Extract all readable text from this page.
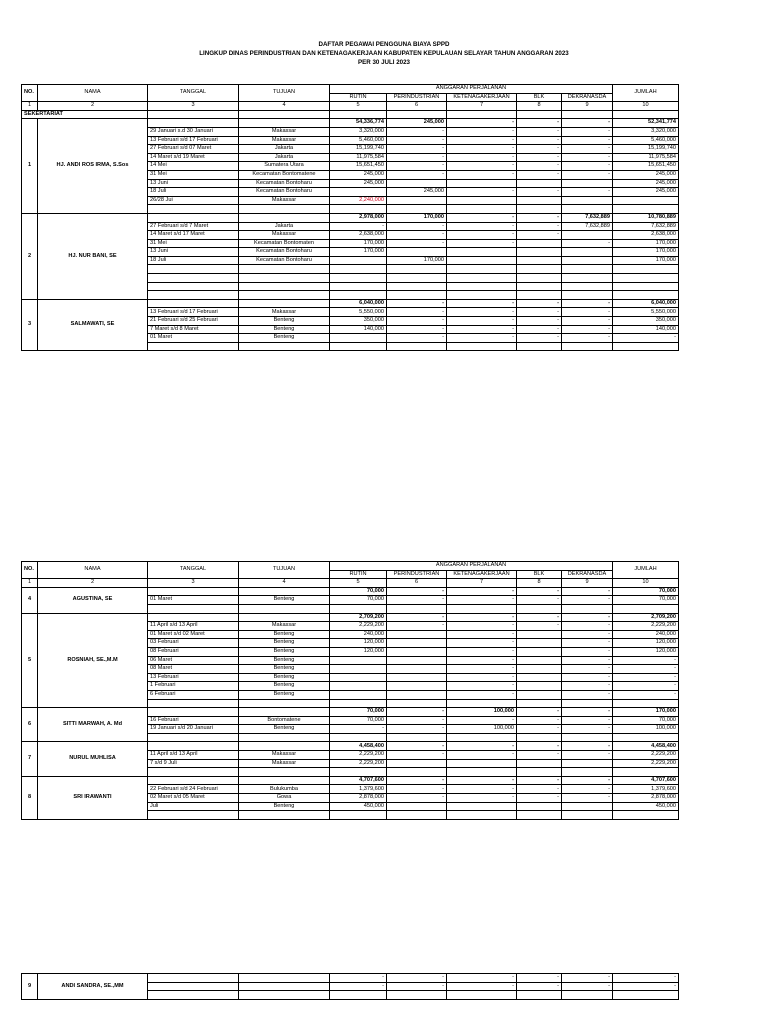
DAFTAR PEGAWAI PENGGUNA BIAYA SPPD
LINGKUP DINAS PERINDUSTRIAN DAN KETENAGAKERJAAN KABUPATEN KEPULAUAN SELAYAR TAHUN ANGGARAN 2023
PER 30 JULI 2023
NO.	NAMA	TANGGAL	TUJUAN	ANGGARAN PERJALANAN					JUMLAH
				RUTIN	PERINDUSTRIAN	KETENAGAKERJAAN	BLK	DEKRANASDA	
1	2	3	4	5	6	7	8	9	10
SEKERTARIAT									
1	HJ. ANDI ROS IRMA, S.Sos			54,336,774	245,000	-	-	-	52,341,774
		29 Januari s.d 30 Januari	Makassar	3,320,000	-	-	-	-	3,320,000
		13 Februari s/d 17 Februari	Makassar	5,460,000	-	-	-	-	5,460,000
		27 Februari s/d 07 Maret	Jakarta	15,199,740	-	-	-	-	15,199,740
		14 Maret s/d 19 Maret	Jakarta	11,975,584	-	-	-	-	11,975,584
		14 Mei	Sumatera Utara	15,651,450	-	-	-	-	15,651,450
		31 Mei	Kecamatan Bontomatene	245,000	-	-	-	-	245,000
		13 Juni	Kecamatan Bontoharu	245,000					245,000
		18 Juli	Kecamatan Bontoharu		245,000	-	-	-	245,000
		26/28 Jui	Makassar	2,240,000					

2	HJ. NUR BANI, SE			2,978,000	170,000	-	-	7,632,889	10,780,889
		27 Februari s/d 7 Maret	Jakarta	-	-	-	-	7,632,889	7,632,889
		14 Maret s/d 17 Maret	Makassar	2,638,000	-	-	-		2,638,000
		31 Mei	Kecamatan Bontomaten	170,000	-	-		-	170,000
		13 Juni	Kecamatan Bontoharu	170,000					170,000
		18 Juli	Kecamatan Bontoharu		170,000				170,000

3	SALMAWATI, SE			6,040,000	-	-	-	-	6,040,000
		13 Februari s/d 17 Februari	Makassar	5,550,000	-	-	-	-	5,550,000
		21 Februari s/d 25 Februari	Benteng	350,000	-	-	-	-	350,000
		7 Maret s/d 8 Maret	Benteng	140,000	-	-	-	-	140,000
		01 Maret	Benteng		-	-	-	-	-

NO.	NAMA	TANGGAL	TUJUAN	ANGGARAN PERJALANAN					JUMLAH
				RUTIN	PERINDUSTRIAN	KETENAGAKERJAAN	BLK	DEKRANASDA	
1	2	3	4	5	6	7	8	9	10
4	AGUSTINA, SE			70,000	-	-	-	-	70,000
		01 Maret	Benteng	70,000	-	-	-	-	70,000

5	ROSNIAH, SE.,M.M			2,709,200	-	-	-	-	2,709,200
		11 April s/d 13 April	Makassar	2,229,200	-	-	-	-	2,229,200
		01 Maret s/d 02 Maret	Benteng	240,000		-		-	240,000
		03 Februari	Benteng	120,000		-		-	120,000
		08 Februari	Benteng	120,000		-		-	120,000
		06 Maret	Benteng			-		-	-
		08 Maret	Benteng			-		-	-
		13 Februari	Benteng			-		-	-
		1 Februari	Benteng			-		-	-
		6 Februari	Benteng			-		-	-

6	SITTI MARWAH, A. Md			70,000	-	100,000	-	-	170,000
		16 Februari	Bontomatene	70,000	-	-	-	-	70,000
		19 Januari s/d 20 Januari	Benteng	-	-	100,000	-	-	100,000

7	NURUL MUHLISA			4,458,400	-	-	-	-	4,458,400
		11 April s/d 13 April	Makassar	2,229,200	-	-	-	-	2,229,200
		7 s/d 9 Juli	Makassar	2,229,200					2,229,200

8	SRI IRAWANTI			4,707,600	-	-	-	-	4,707,600
		22 Februari s/d 24 Februari	Bulukumba	1,379,600	-	-	-	-	1,379,600
		02 Maret s/d 05 Maret	Gowa	2,878,000	-	-	-	-	2,878,000
		Juli	Benteng	450,000					450,000

9	ANDI SANDRA, SE.,MM			-	-	-	-	-	-
				-	-	-	-	-	-
